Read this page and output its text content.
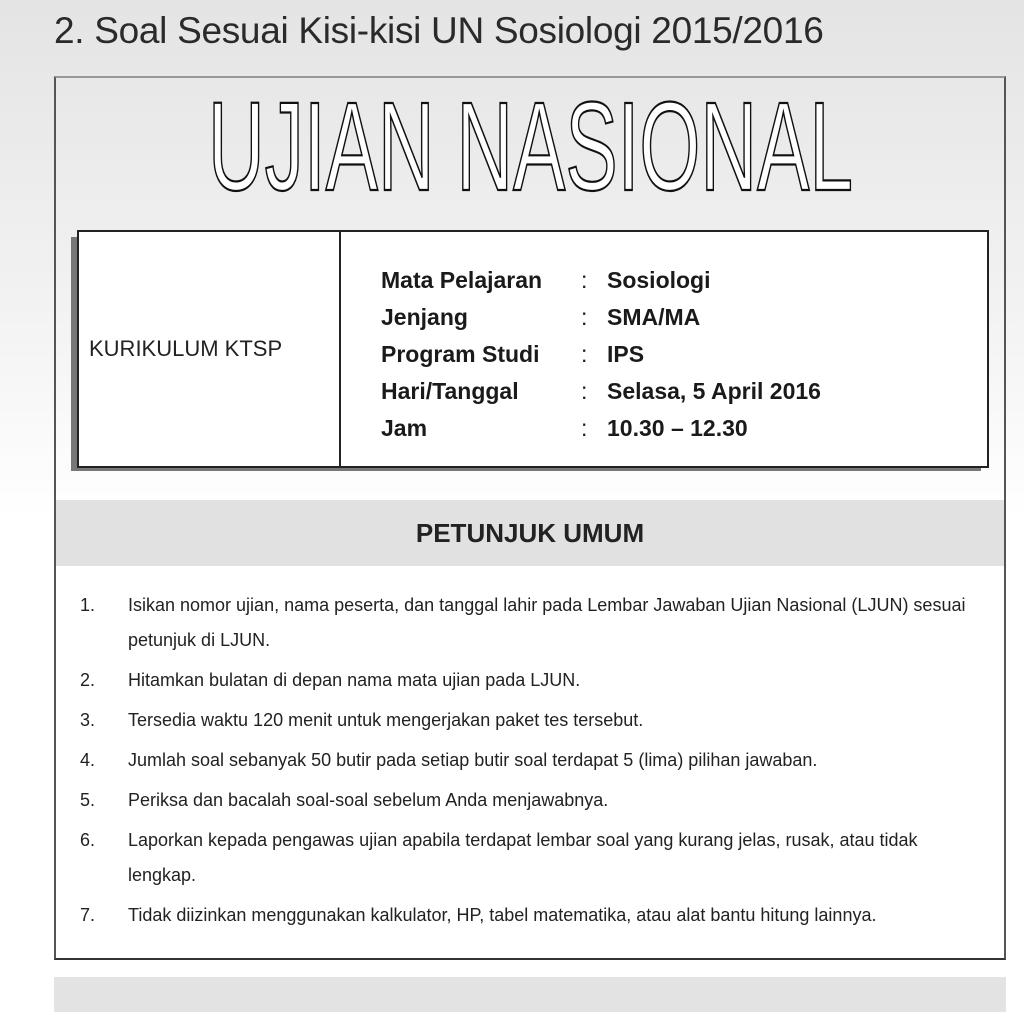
2. Soal Sesuai Kisi-kisi UN Sosiologi 2015/2016
UJIAN NASIONAL
KURIKULUM KTSP
Mata Pelajaran	: Sosiologi
Jenjang	: SMA/MA
Program Studi	: IPS
Hari/Tanggal	: Selasa, 5 April 2016
Jam	: 10.30 – 12.30
PETUNJUK UMUM
1.	Isikan nomor ujian, nama peserta, dan tanggal lahir pada Lembar Jawaban Ujian Nasional (LJUN) sesuai petunjuk di LJUN.
2.	Hitamkan bulatan di depan nama mata ujian pada LJUN.
3.	Tersedia waktu 120 menit untuk mengerjakan paket tes tersebut.
4.	Jumlah soal sebanyak 50 butir pada setiap butir soal terdapat 5 (lima) pilihan jawaban.
5.	Periksa dan bacalah soal-soal sebelum Anda menjawabnya.
6.	Laporkan kepada pengawas ujian apabila terdapat lembar soal yang kurang jelas, rusak, atau tidak lengkap.
7.	Tidak diizinkan menggunakan kalkulator, HP, tabel matematika, atau alat bantu hitung lainnya.
